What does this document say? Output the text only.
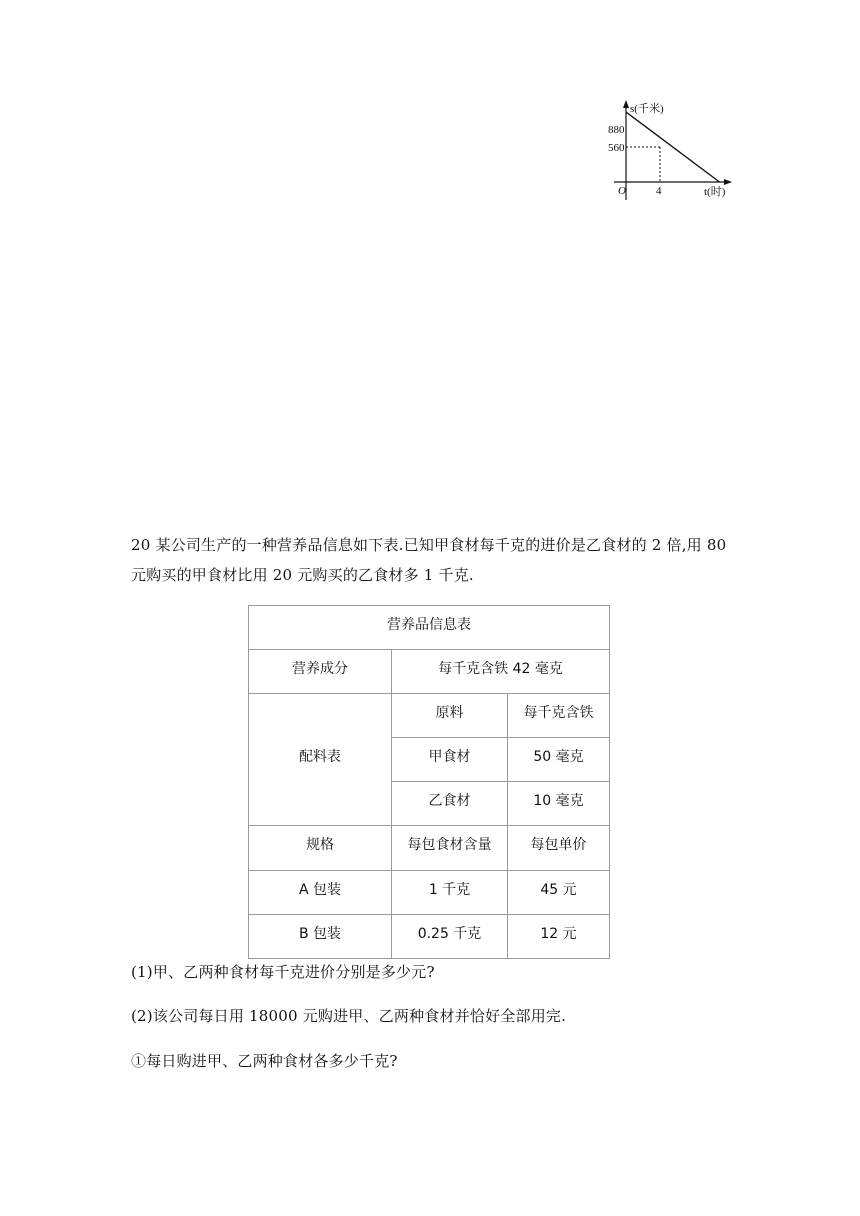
s(千米)
880
560
O	4	t(时)

20 某公司生产的一种营养品信息如下表.已知甲食材每千克的进价是乙食材的 2 倍,用 80 元购买的甲食材比用 20 元购买的乙食材多 1 千克.

营养品信息表		
营养成分	每千克含铁 42 毫克	
配料表	原料	每千克含铁
	甲食材	50 毫克
	乙食材	10 毫克
规格	每包食材含量	每包单价
A 包装	1 千克	45 元
B 包装	0.25 千克	12 元

(1)甲、乙两种食材每千克进价分别是多少元?

(2)该公司每日用 18000 元购进甲、乙两种食材并恰好全部用完.

①每日购进甲、乙两种食材各多少千克?
